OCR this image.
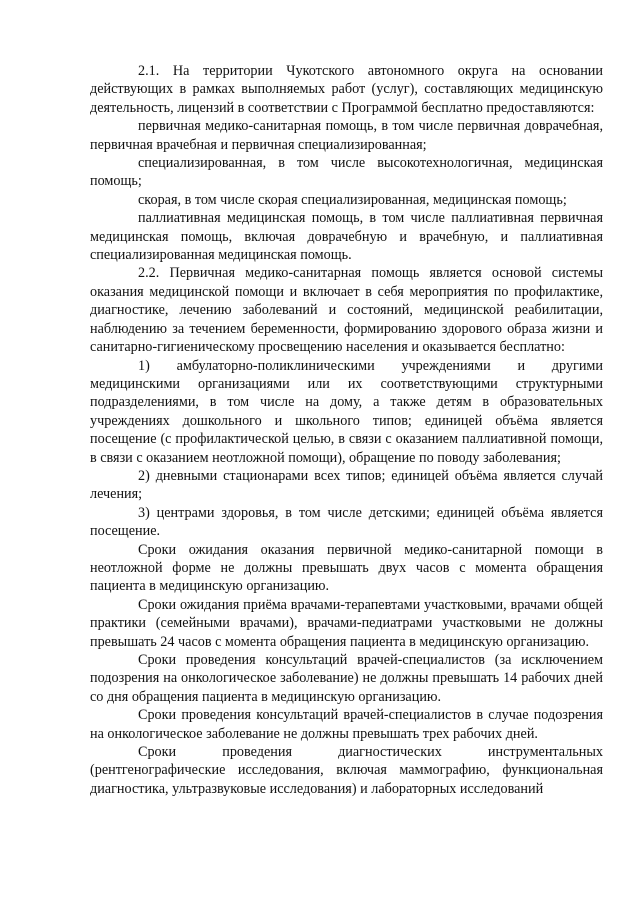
2.1. На территории Чукотского автономного округа на основании действующих в рамках выполняемых работ (услуг), составляющих медицинскую деятельность, лицензий в соответствии с Программой бесплатно предоставляются:

первичная медико-санитарная помощь, в том числе первичная доврачебная, первичная врачебная и первичная специализированная;

специализированная, в том числе высокотехнологичная, медицинская помощь;

скорая, в том числе скорая специализированная, медицинская помощь;

паллиативная медицинская помощь, в том числе паллиативная первичная медицинская помощь, включая доврачебную и врачебную, и паллиативная специализированная медицинская помощь.

2.2. Первичная медико-санитарная помощь является основой системы оказания медицинской помощи и включает в себя мероприятия по профилактике, диагностике, лечению заболеваний и состояний, медицинской реабилитации, наблюдению за течением беременности, формированию здорового образа жизни и санитарно-гигиеническому просвещению населения и оказывается бесплатно:

1) амбулаторно-поликлиническими учреждениями и другими медицинскими организациями или их соответствующими структурными подразделениями, в том числе на дому, а также детям в образовательных учреждениях дошкольного и школьного типов; единицей объёма является посещение (с профилактической целью, в связи с оказанием паллиативной помощи, в связи с оказанием неотложной помощи), обращение по поводу заболевания;

2) дневными стационарами всех типов; единицей объёма является случай лечения;

3) центрами здоровья, в том числе детскими; единицей объёма является посещение.

Сроки ожидания оказания первичной медико-санитарной помощи в неотложной форме не должны превышать двух часов с момента обращения пациента в медицинскую организацию.

Сроки ожидания приёма врачами-терапевтами участковыми, врачами общей практики (семейными врачами), врачами-педиатрами участковыми не должны превышать 24 часов с момента обращения пациента в медицинскую организацию.

Сроки проведения консультаций врачей-специалистов (за исключением подозрения на онкологическое заболевание) не должны превышать 14 рабочих дней со дня обращения пациента в медицинскую организацию.

Сроки проведения консультаций врачей-специалистов в случае подозрения на онкологическое заболевание не должны превышать трех рабочих дней.

Сроки проведения диагностических инструментальных (рентгенографические исследования, включая маммографию, функциональная диагностика, ультразвуковые исследования) и лабораторных исследований
